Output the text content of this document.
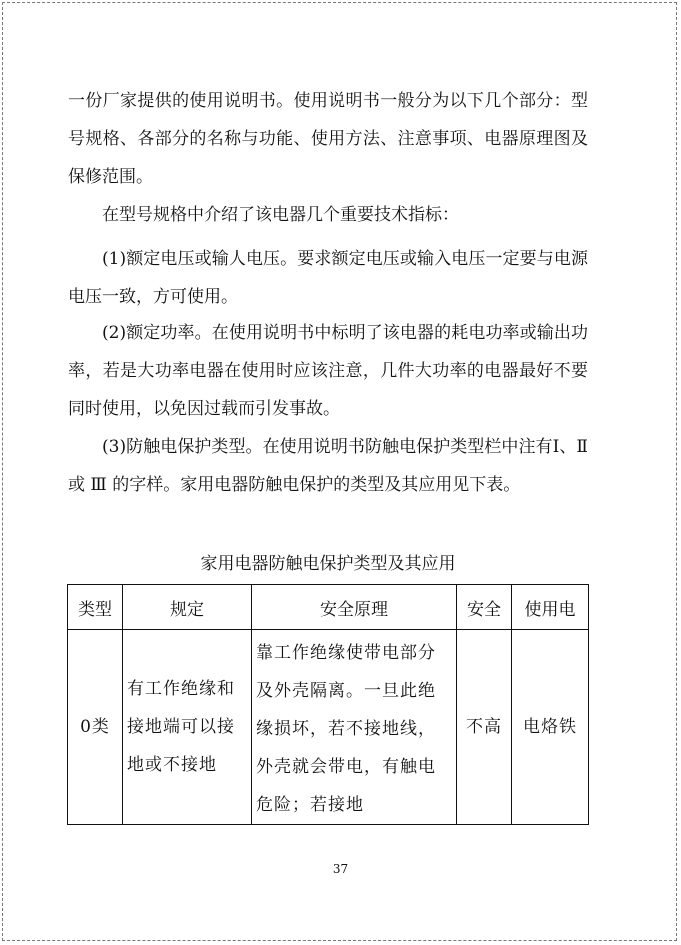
一份厂家提供的使用说明书。使用说明书一般分为以下几个部分：型号规格、各部分的名称与功能、使用方法、注意事项、电器原理图及保修范围。

在型号规格中介绍了该电器几个重要技术指标：

(1)额定电压或输人电压。要求额定电压或输入电压一定要与电源电压一致，方可使用。

(2)额定功率。在使用说明书中标明了该电器的耗电功率或输出功率，若是大功率电器在使用时应该注意，几件大功率的电器最好不要同时使用，以免因过载而引发事故。

(3)防触电保护类型。在使用说明书防触电保护类型栏中注有Ⅰ、Ⅱ 或 Ⅲ 的字样。家用电器防触电保护的类型及其应用见下表。

家用电器防触电保护类型及其应用
类型	规定	安全原理	安全	使用电
0类	有工作绝缘和接地端可以接地或不接地	靠工作绝缘使带电部分及外壳隔离。一旦此绝缘损坏，若不接地线，外壳就会带电，有触电危险；若接地	不高	电烙铁
37
